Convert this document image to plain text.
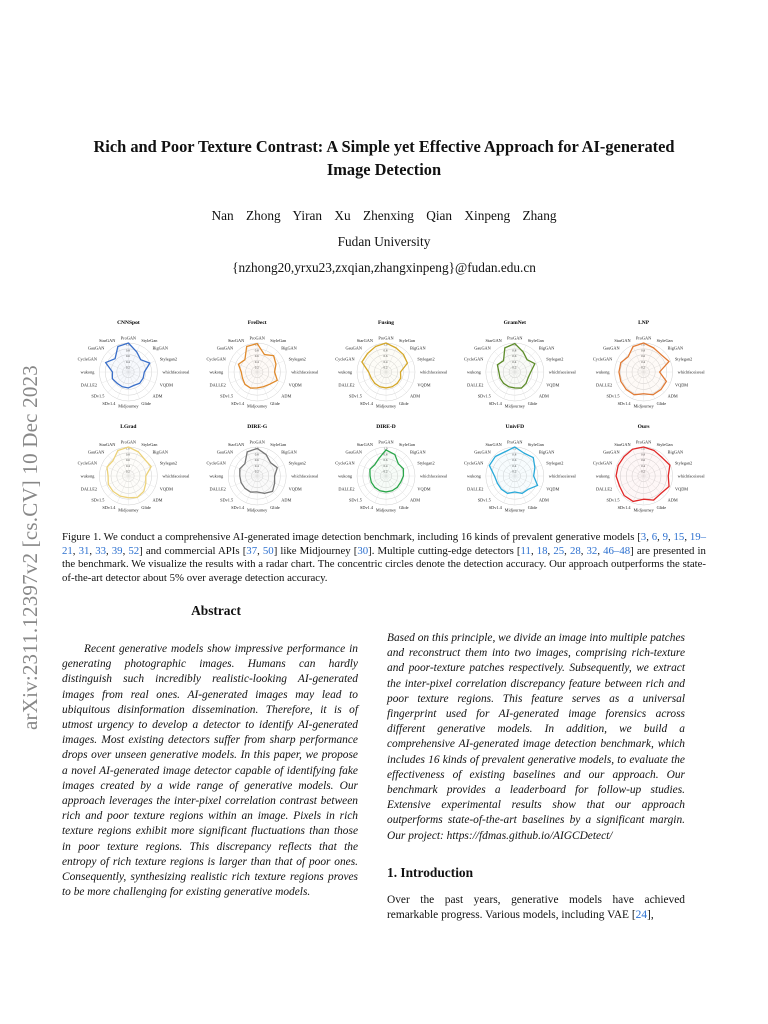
arXiv:2311.12397v2 [cs.CV] 10 Dec 2023
Rich and Poor Texture Contrast: A Simple yet Effective Approach for AI-generated Image Detection
Nan Zhong Yiran Xu Zhenxing Qian Xinpeng Zhang
Fudan University
{nzhong20,yrxu23,zxqian,zhangxinpeng}@fudan.edu.cn
CNNSpot
ProGAN
StyleGan
BigGAN
Stylegan2
whichfaceisreal
VQDM
ADM
Glide
Midjourney
SDv1.4
SDv1.5
DALLE2
wukong
CycleGAN
GauGAN
StarGAN
1.0
0.8
0.6
0.4
0.2
FreDect
ProGAN
StyleGan
BigGAN
Stylegan2
whichfaceisreal
VQDM
ADM
Glide
Midjourney
SDv1.4
SDv1.5
DALLE2
wukong
CycleGAN
GauGAN
StarGAN
1.0
0.8
0.6
0.4
0.2
Fusing
ProGAN
StyleGan
BigGAN
Stylegan2
whichfaceisreal
VQDM
ADM
Glide
Midjourney
SDv1.4
SDv1.5
DALLE2
wukong
CycleGAN
GauGAN
StarGAN
1.0
0.8
0.6
0.4
0.2
GramNet
ProGAN
StyleGan
BigGAN
Stylegan2
whichfaceisreal
VQDM
ADM
Glide
Midjourney
SDv1.4
SDv1.5
DALLE2
wukong
CycleGAN
GauGAN
StarGAN
1.0
0.8
0.6
0.4
0.2
LNP
ProGAN
StyleGan
BigGAN
Stylegan2
whichfaceisreal
VQDM
ADM
Glide
Midjourney
SDv1.4
SDv1.5
DALLE2
wukong
CycleGAN
GauGAN
StarGAN
1.0
0.8
0.6
0.4
0.2
LGrad
ProGAN
StyleGan
BigGAN
Stylegan2
whichfaceisreal
VQDM
ADM
Glide
Midjourney
SDv1.4
SDv1.5
DALLE2
wukong
CycleGAN
GauGAN
StarGAN
1.0
0.8
0.6
0.4
0.2
DIRE-G
ProGAN
StyleGan
BigGAN
Stylegan2
whichfaceisreal
VQDM
ADM
Glide
Midjourney
SDv1.4
SDv1.5
DALLE2
wukong
CycleGAN
GauGAN
StarGAN
1.0
0.8
0.6
0.4
0.2
DIRE-D
ProGAN
StyleGan
BigGAN
Stylegan2
whichfaceisreal
VQDM
ADM
Glide
Midjourney
SDv1.4
SDv1.5
DALLE2
wukong
CycleGAN
GauGAN
StarGAN
1.0
0.8
0.6
0.4
0.2
UnivFD
ProGAN
StyleGan
BigGAN
Stylegan2
whichfaceisreal
VQDM
ADM
Glide
Midjourney
SDv1.4
SDv1.5
DALLE2
wukong
CycleGAN
GauGAN
StarGAN
1.0
0.8
0.6
0.4
0.2
Ours
ProGAN
StyleGan
BigGAN
Stylegan2
whichfaceisreal
VQDM
ADM
Glide
Midjourney
SDv1.4
SDv1.5
DALLE2
wukong
CycleGAN
GauGAN
StarGAN
1.0
0.8
0.6
0.4
0.2
Figure 1. We conduct a comprehensive AI-generated image detection benchmark, including 16 kinds of prevalent generative models [3, 6, 9, 15, 19–21, 31, 33, 39, 52] and commercial APIs [37, 50] like Midjourney [30]. Multiple cutting-edge detectors [11, 18, 25, 28, 32, 46–48] are presented in the benchmark. We visualize the results with a radar chart. The concentric circles denote the detection accuracy. Our approach outperforms the state-of-the-art detector about 5% over average detection accuracy.
Abstract
Recent generative models show impressive performance in generating photographic images. Humans can hardly distinguish such incredibly realistic-looking AI-generated images from real ones. AI-generated images may lead to ubiquitous disinformation dissemination. Therefore, it is of utmost urgency to develop a detector to identify AI-generated images. Most existing detectors suffer from sharp performance drops over unseen generative models. In this paper, we propose a novel AI-generated image detector capable of identifying fake images created by a wide range of generative models. Our approach leverages the inter-pixel correlation contrast between rich and poor texture regions within an image. Pixels in rich texture regions exhibit more significant fluctuations than those in poor texture regions. This discrepancy reflects that the entropy of rich texture regions is larger than that of poor ones. Consequently, synthesizing realistic rich texture regions proves to be more challenging for existing generative models.
Based on this principle, we divide an image into multiple patches and reconstruct them into two images, comprising rich-texture and poor-texture patches respectively. Subsequently, we extract the inter-pixel correlation discrepancy feature between rich and poor texture regions. This feature serves as a universal fingerprint used for AI-generated image forensics across different generative models. In addition, we build a comprehensive AI-generated image detection benchmark, which includes 16 kinds of prevalent generative models, to evaluate the effectiveness of existing baselines and our approach. Our benchmark provides a leaderboard for follow-up studies. Extensive experimental results show that our approach outperforms state-of-the-art baselines by a significant margin. Our project: https://fdmas.github.io/AIGCDetect/
1. Introduction
Over the past years, generative models have achieved remarkable progress. Various models, including VAE [24],
